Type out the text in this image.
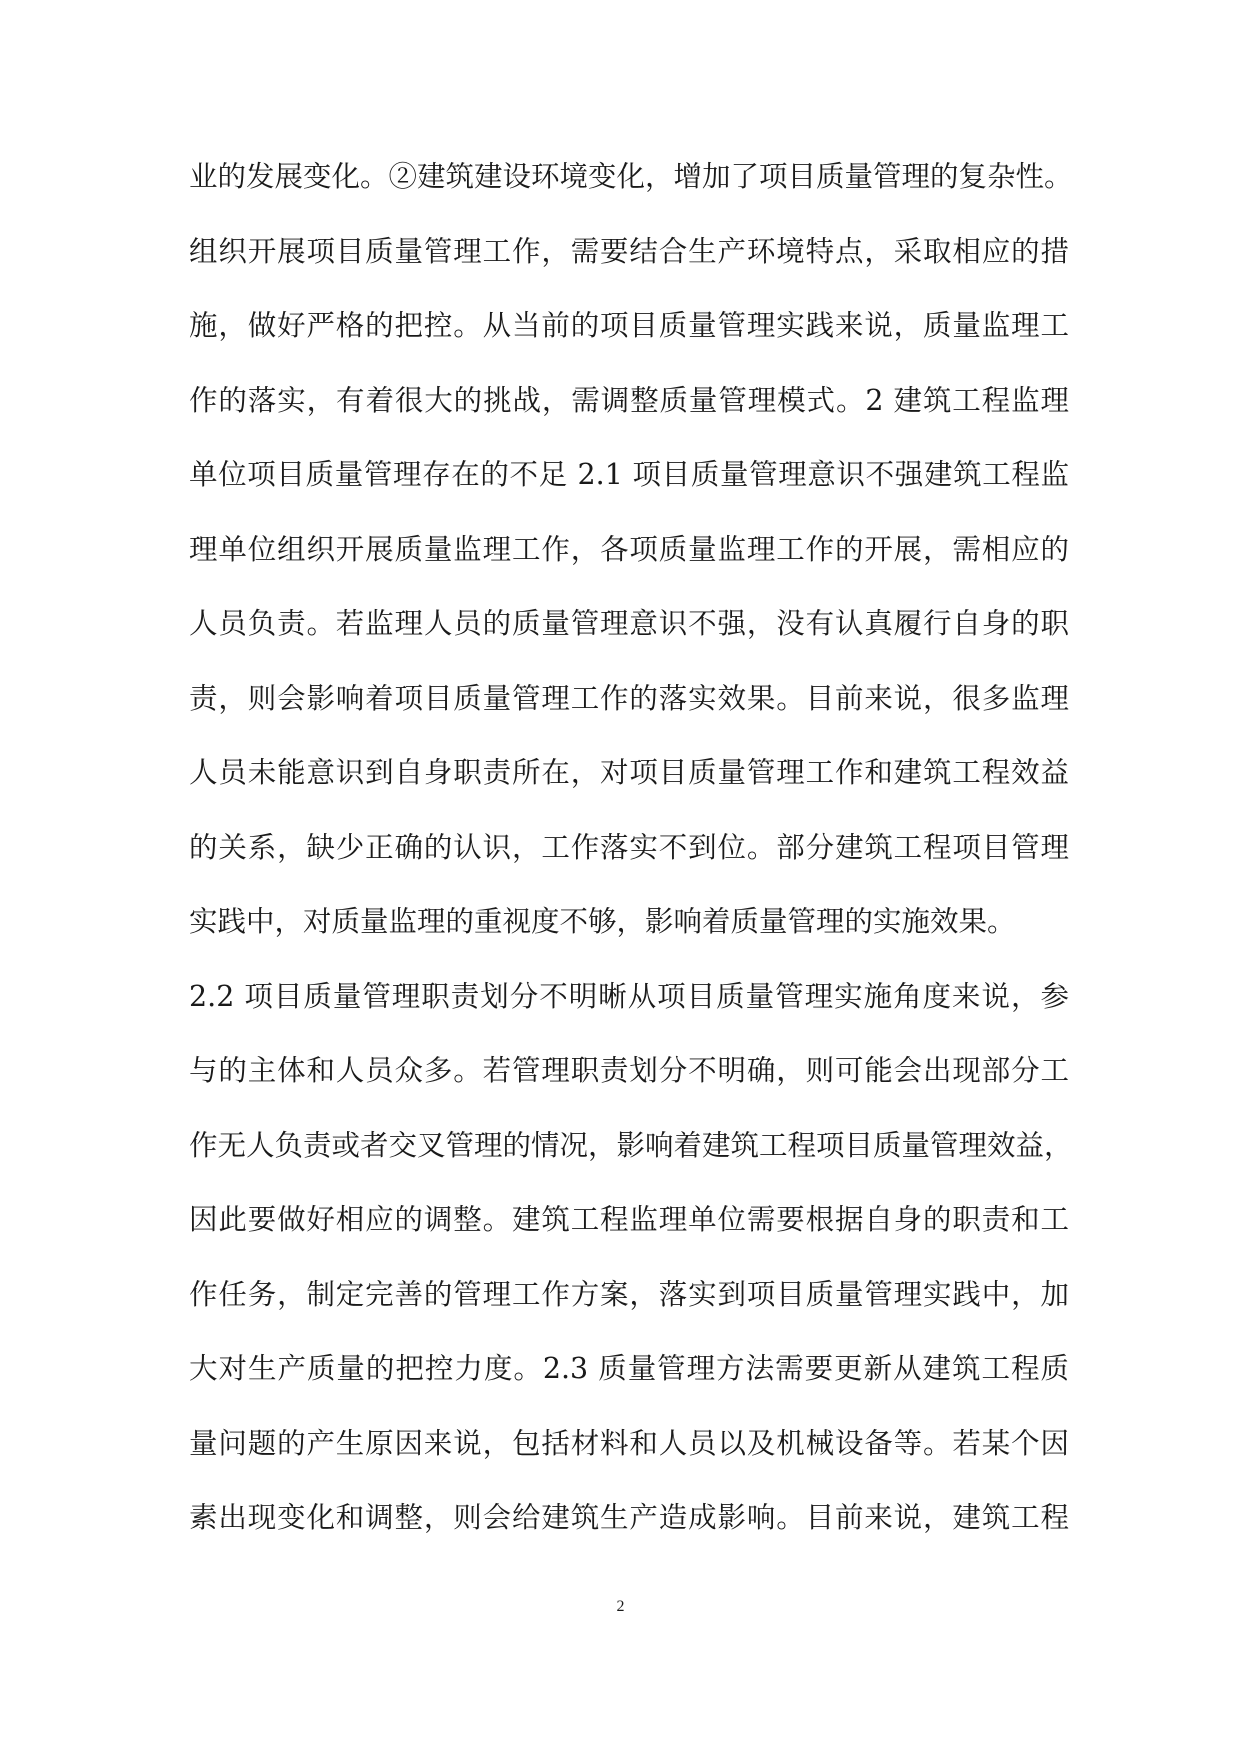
业的发展变化。②建筑建设环境变化，增加了项目质量管理的复杂性。
组织开展项目质量管理工作，需要结合生产环境特点，采取相应的措
施，做好严格的把控。从当前的项目质量管理实践来说，质量监理工
作的落实，有着很大的挑战，需调整质量管理模式。2 建筑工程监理
单位项目质量管理存在的不足 2.1 项目质量管理意识不强建筑工程监
理单位组织开展质量监理工作，各项质量监理工作的开展，需相应的
人员负责。若监理人员的质量管理意识不强，没有认真履行自身的职
责，则会影响着项目质量管理工作的落实效果。目前来说，很多监理
人员未能意识到自身职责所在，对项目质量管理工作和建筑工程效益
的关系，缺少正确的认识，工作落实不到位。部分建筑工程项目管理
实践中，对质量监理的重视度不够，影响着质量管理的实施效果。
2.2 项目质量管理职责划分不明晰从项目质量管理实施角度来说，参
与的主体和人员众多。若管理职责划分不明确，则可能会出现部分工
作无人负责或者交叉管理的情况，影响着建筑工程项目质量管理效益，
因此要做好相应的调整。建筑工程监理单位需要根据自身的职责和工
作任务，制定完善的管理工作方案，落实到项目质量管理实践中，加
大对生产质量的把控力度。2.3 质量管理方法需要更新从建筑工程质
量问题的产生原因来说，包括材料和人员以及机械设备等。若某个因
素出现变化和调整，则会给建筑生产造成影响。目前来说，建筑工程
2
